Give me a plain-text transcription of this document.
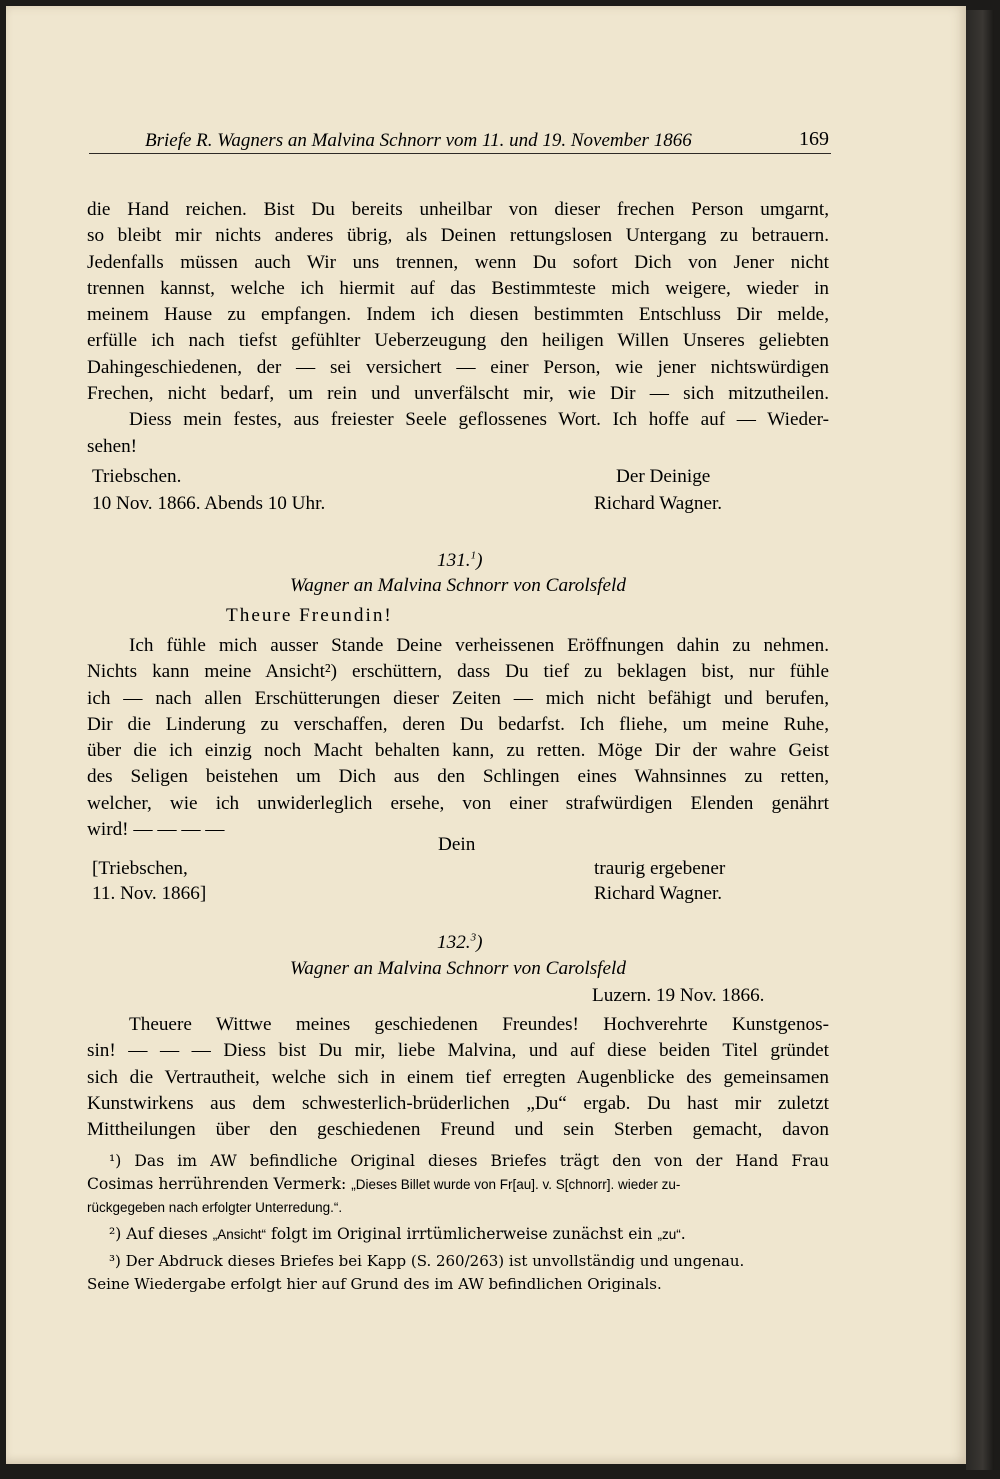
Briefe R. Wagners an Malvina Schnorr vom 11. und 19. November 1866	169
die Hand reichen. Bist Du bereits unheilbar von dieser frechen Person umgarnt,
so bleibt mir nichts anderes übrig, als Deinen rettungslosen Untergang zu betrauern.
Jedenfalls müssen auch Wir uns trennen, wenn Du sofort Dich von Jener nicht
trennen kannst, welche ich hiermit auf das Bestimmteste mich weigere, wieder in
meinem Hause zu empfangen. Indem ich diesen bestimmten Entschluss Dir melde,
erfülle ich nach tiefst gefühlter Ueberzeugung den heiligen Willen Unseres geliebten
Dahingeschiedenen, der — sei versichert — einer Person, wie jener nichtswürdigen
Frechen, nicht bedarf, um rein und unverfälscht mir, wie Dir — sich mitzutheilen.
Diess mein festes, aus freiester Seele geflossenes Wort. Ich hoffe auf — Wieder-
sehen!
Triebschen.
10 Nov. 1866. Abends 10 Uhr.
Der Deinige
Richard Wagner.
131.$^1$)
Wagner an Malvina Schnorr von Carolsfeld
Theure Freundin!
Ich fühle mich ausser Stande Deine verheissenen Eröffnungen dahin zu nehmen.
Nichts kann meine Ansicht²) erschüttern, dass Du tief zu beklagen bist, nur fühle
ich — nach allen Erschütterungen dieser Zeiten — mich nicht befähigt und berufen,
Dir die Linderung zu verschaffen, deren Du bedarfst. Ich fliehe, um meine Ruhe,
über die ich einzig noch Macht behalten kann, zu retten. Möge Dir der wahre Geist
des Seligen beistehen um Dich aus den Schlingen eines Wahnsinnes zu retten,
welcher, wie ich unwiderleglich ersehe, von einer strafwürdigen Elenden genährt
wird! — — — —
Dein
[Triebschen,
11. Nov. 1866]
traurig ergebener
Richard Wagner.
132.$^3$)
Wagner an Malvina Schnorr von Carolsfeld
Luzern. 19 Nov. 1866.
Theuere Wittwe meines geschiedenen Freundes! Hochverehrte Kunstgenos-
sin! — — — Diess bist Du mir, liebe Malvina, und auf diese beiden Titel gründet
sich die Vertrautheit, welche sich in einem tief erregten Augenblicke des gemeinsamen
Kunstwirkens aus dem schwesterlich-brüderlichen „Du“ ergab. Du hast mir zuletzt
Mittheilungen über den geschiedenen Freund und sein Sterben gemacht, davon
¹) Das im AW befindliche Original dieses Briefes trägt den von der Hand Frau
Cosimas herrührenden Vermerk: „Dieses Billet wurde von Fr[au]. v. S[chnorr]. wieder zu-
rückgegeben nach erfolgter Unterredung.“.
²) Auf dieses „Ansicht“ folgt im Original irrtümlicherweise zunächst ein „zu“.
³) Der Abdruck dieses Briefes bei Kapp (S. 260/263) ist unvollständig und ungenau.
Seine Wiedergabe erfolgt hier auf Grund des im AW befindlichen Originals.
